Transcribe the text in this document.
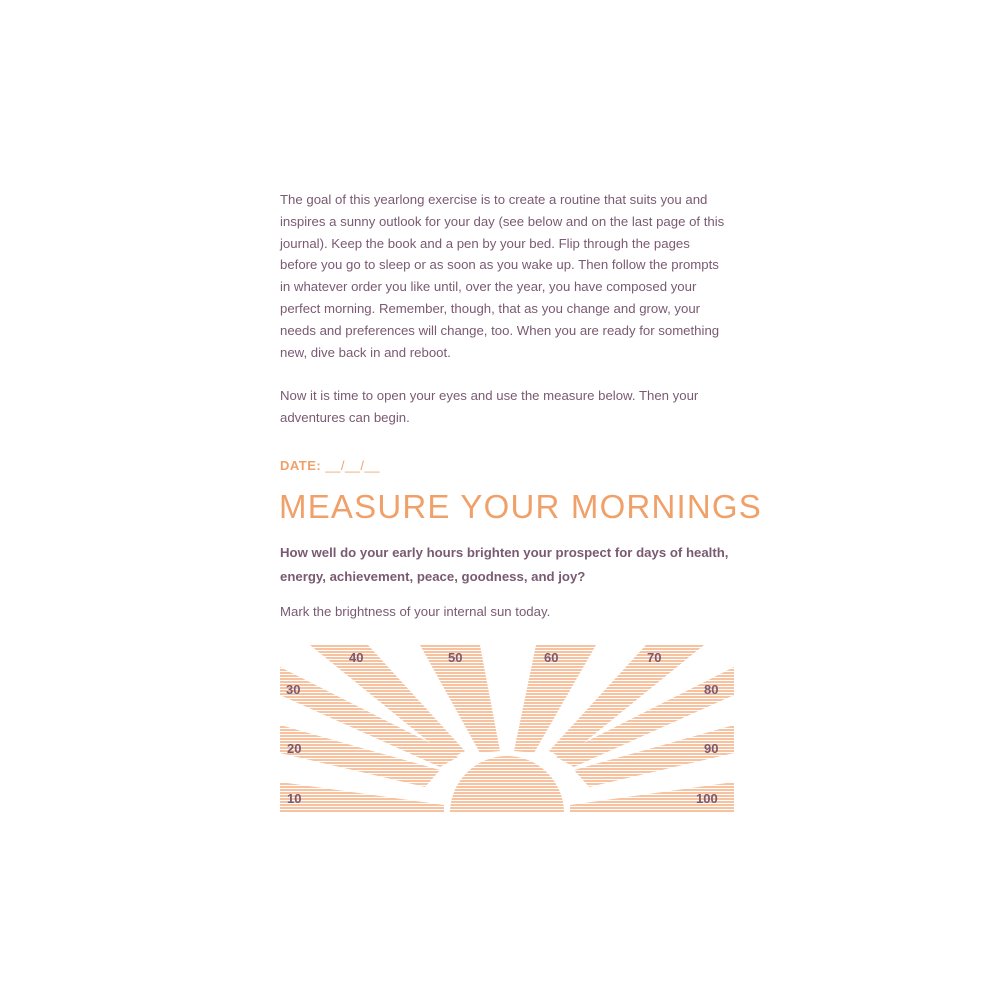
The goal of this yearlong exercise is to create a routine that suits you and inspires a sunny outlook for your day (see below and on the last page of this journal). Keep the book and a pen by your bed. Flip through the pages before you go to sleep or as soon as you wake up. Then follow the prompts in whatever order you like until, over the year, you have composed your perfect morning. Remember, though, that as you change and grow, your needs and preferences will change, too. When you are ready for something new, dive back in and reboot.

Now it is time to open your eyes and use the measure below. Then your adventures can begin.

DATE: __/__/__
MEASURE YOUR MORNINGS

How well do your early hours brighten your prospect for days of health, energy, achievement, peace, goodness, and joy?

Mark the brightness of your internal sun today.

10
20
30
40	50	60	70
80
90
100
